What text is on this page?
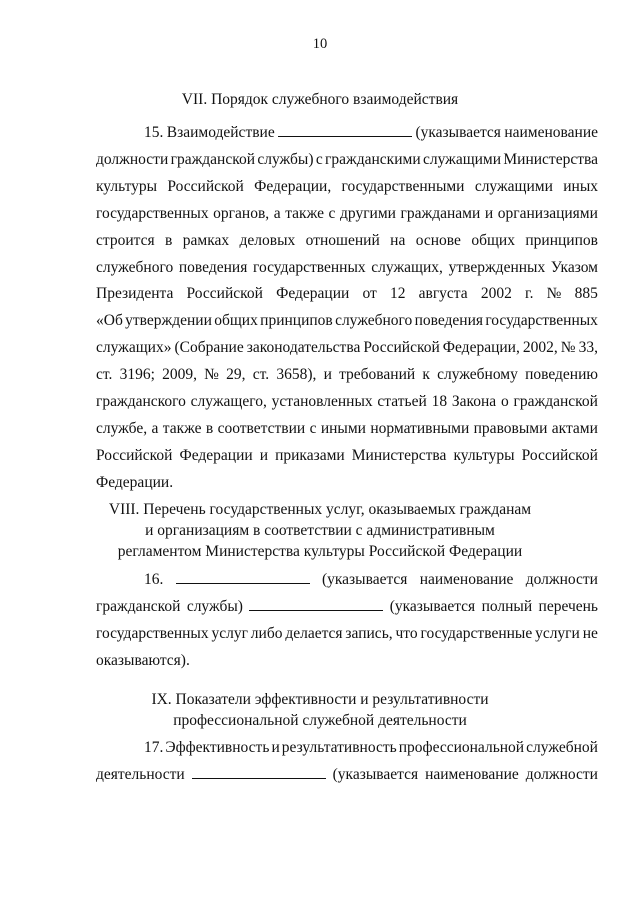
10
VII. Порядок служебного взаимодействия
15. Взаимодействие	(указывается наименование
должности гражданской службы) с гражданскими служащими Министерства
культуры Российской Федерации, государственными служащими иных
государственных органов, а также с другими гражданами и организациями
строится в рамках деловых отношений на основе общих принципов
служебного поведения государственных служащих, утвержденных Указом
Президента Российской Федерации от 12 августа 2002 г. № 885
«Об утверждении общих принципов служебного поведения государственных
служащих» (Собрание законодательства Российской Федерации, 2002, № 33,
ст. 3196; 2009, № 29, ст. 3658), и требований к служебному поведению
гражданского служащего, установленных статьей 18 Закона о гражданской
службе, а также в соответствии с иными нормативными правовыми актами
Российской Федерации и приказами Министерства культуры Российской
Федерации.
VIII. Перечень государственных услуг, оказываемых гражданам
и организациям в соответствии с административным
регламентом Министерства культуры Российской Федерации
16.	(указывается наименование должности
гражданской службы)	(указывается полный перечень
государственных услуг либо делается запись, что государственные услуги не
оказываются).
IX. Показатели эффективности и результативности
профессиональной служебной деятельности
17. Эффективность и результативность профессиональной служебной
деятельности	(указывается наименование должности
